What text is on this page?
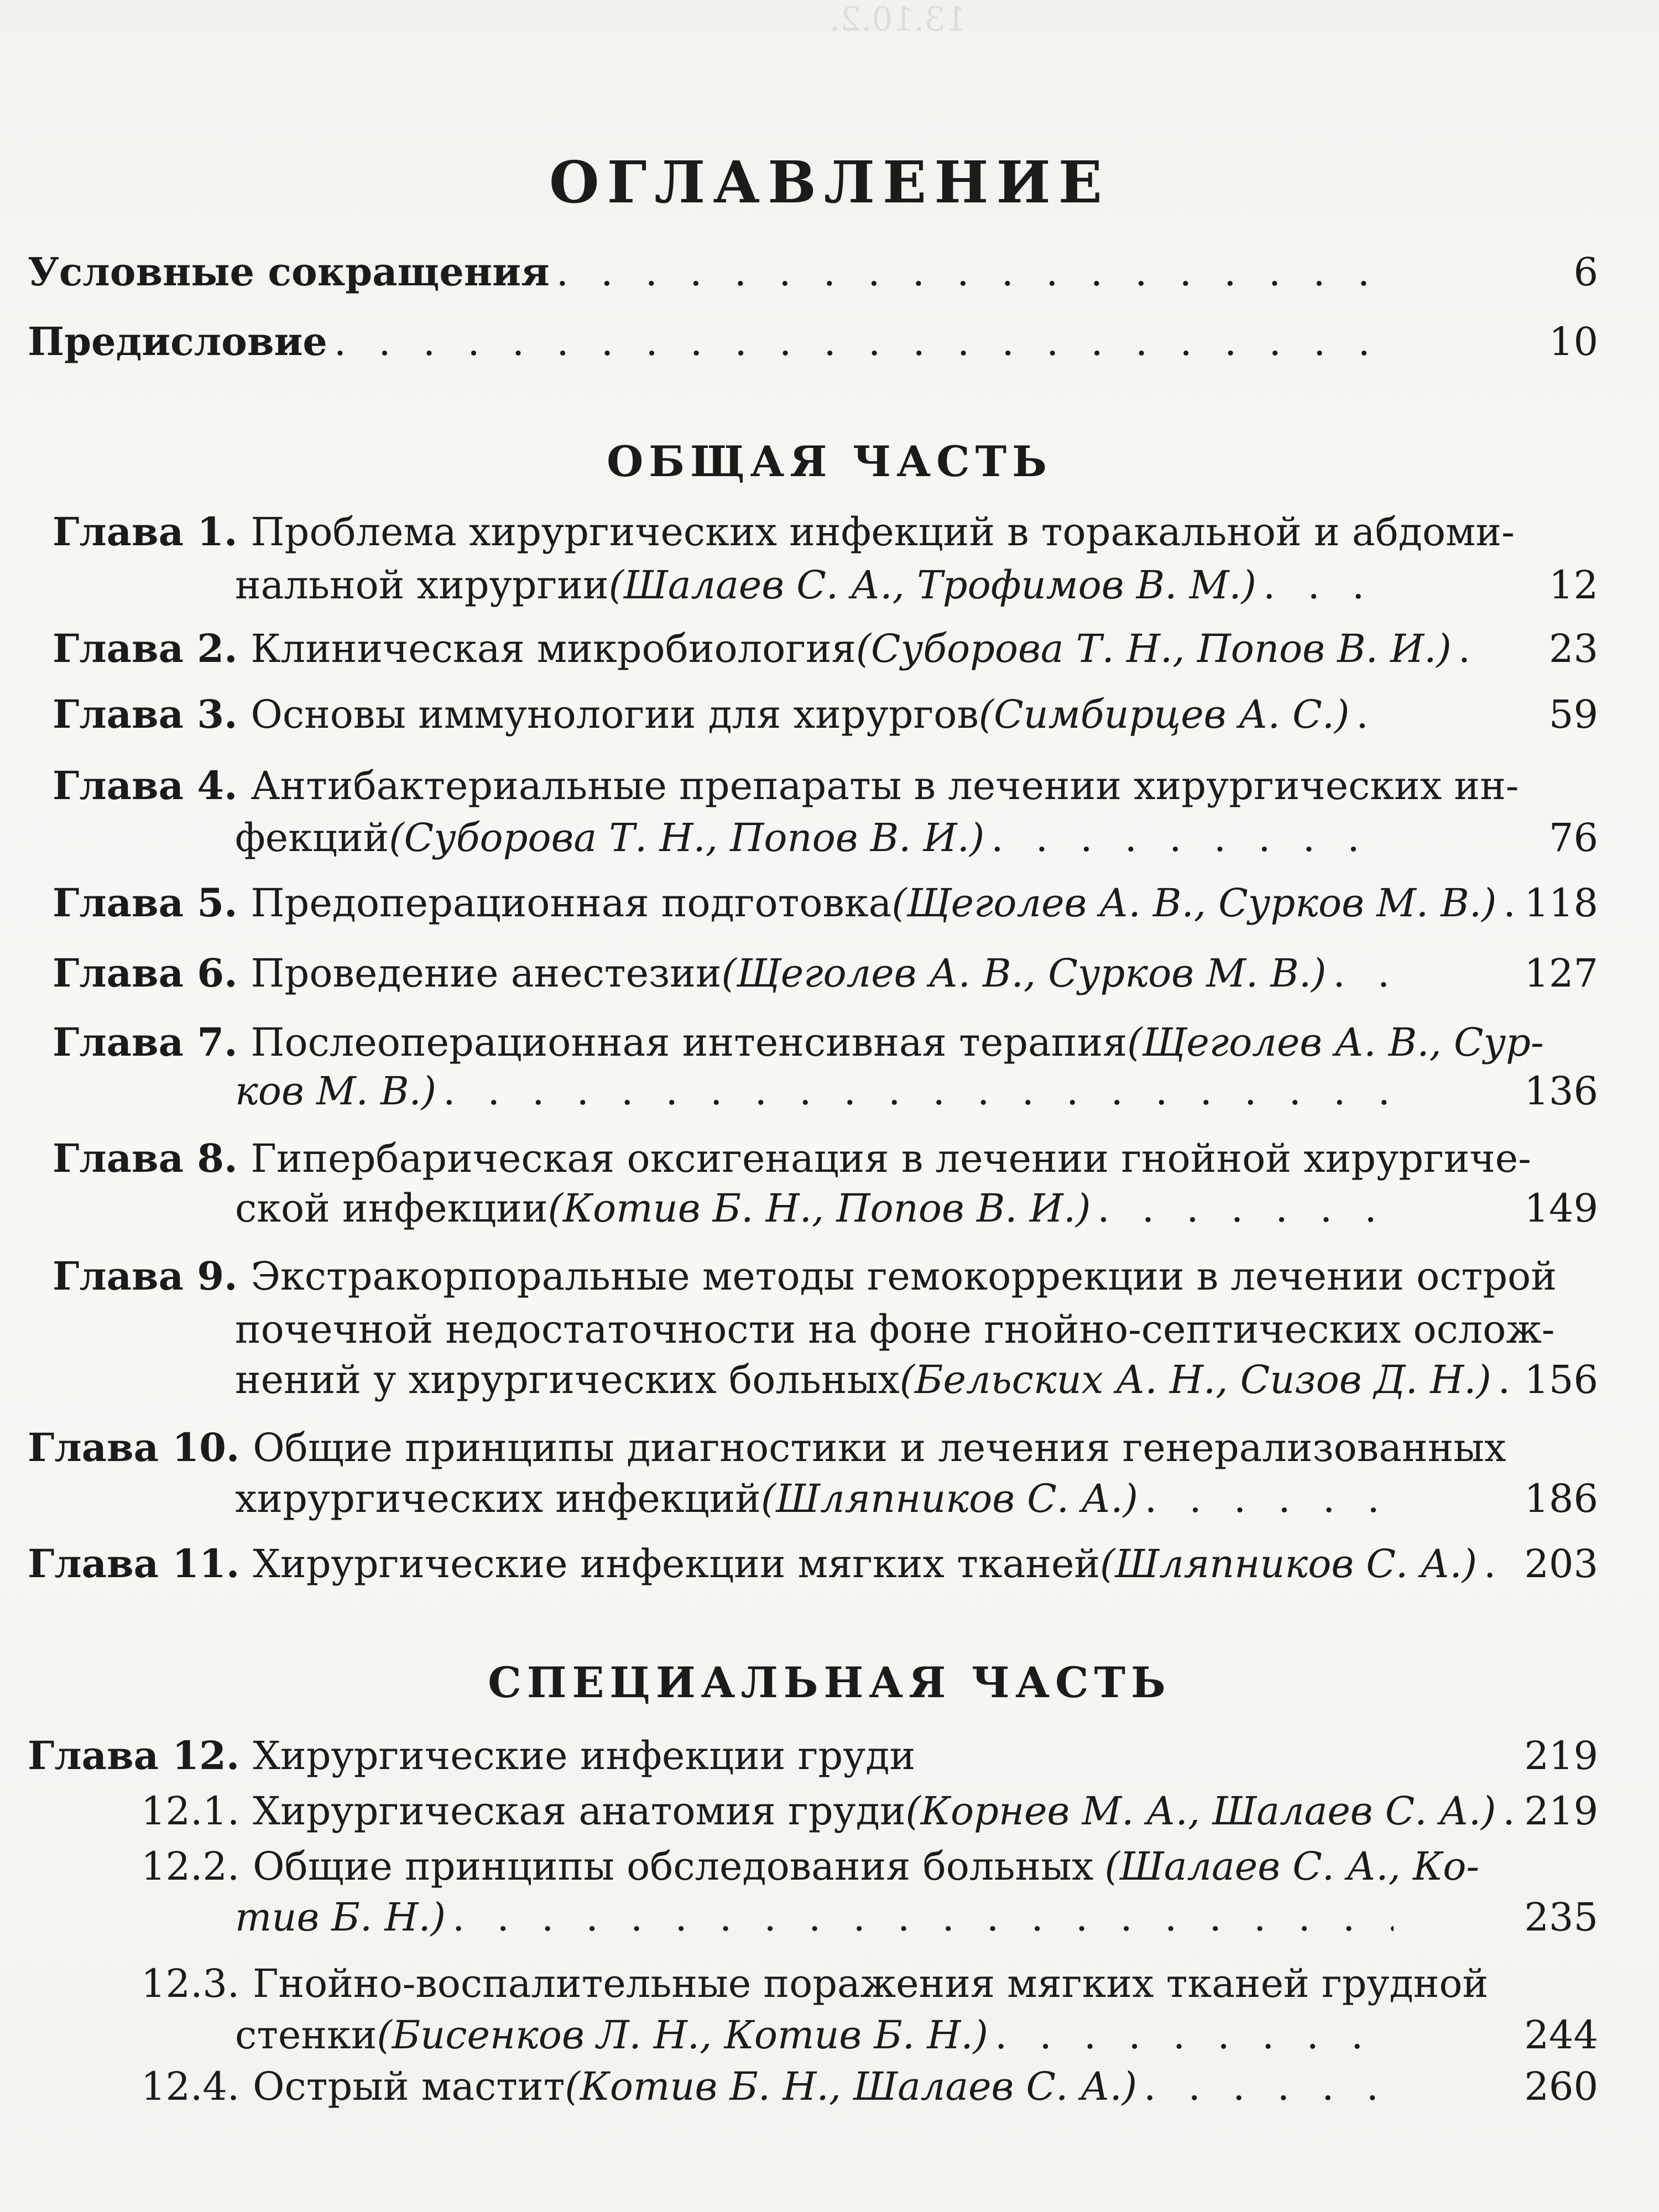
13.10.2.
ОГЛАВЛЕНИЕ
Условные сокращения . . .	6
Предисловие . . .	10
ОБЩАЯ ЧАСТЬ
Глава 1. Проблема хирургических инфекций в торакальной и абдоми-
нальной хирургии (Шалаев С. А., Трофимов В. М.) . . .	12
Глава 2. Клиническая микробиология (Суборова Т. Н., Попов В. И.) . . .	23
Глава 3. Основы иммунологии для хирургов (Симбирцев А. С.) . . .	59
Глава 4. Антибактериальные препараты в лечении хирургических ин-
фекций (Суборова Т. Н., Попов В. И.) . . .	76
Глава 5. Предоперационная подготовка (Щеголев А. В., Сурков М. В.) . . . 118
Глава 6. Проведение анестезии (Щеголев А. В., Сурков М. В.) . . .	127
Глава 7. Послеоперационная интенсивная терапия (Щеголев А. В., Сур-
ков М. В.) . . .	136
Глава 8. Гипербарическая оксигенация в лечении гнойной хирургиче-
ской инфекции (Котив Б. Н., Попов В. И.) . . .	149
Глава 9. Экстракорпоральные методы гемокоррекции в лечении острой
почечной недостаточности на фоне гнойно-септических ослож-
нений у хирургических больных (Бельских А. Н., Сизов Д. Н.) . . . 156
Глава 10. Общие принципы диагностики и лечения генерализованных
хирургических инфекций (Шляпников С. А.) . . .	186
Глава 11. Хирургические инфекции мягких тканей (Шляпников С. А.) . . .	203
СПЕЦИАЛЬНАЯ ЧАСТЬ
Глава 12. Хирургические инфекции груди	219
12.1. Хирургическая анатомия груди (Корнев М. А., Шалаев С. А.) . . . 219
12.2. Общие принципы обследования больных (Шалаев С. А., Ко-
тив Б. Н.) . . .	235
12.3. Гнойно-воспалительные поражения мягких тканей грудной
стенки (Бисенков Л. Н., Котив Б. Н.) . . .	244
12.4. Острый мастит (Котив Б. Н., Шалаев С. А.) . . .	260
